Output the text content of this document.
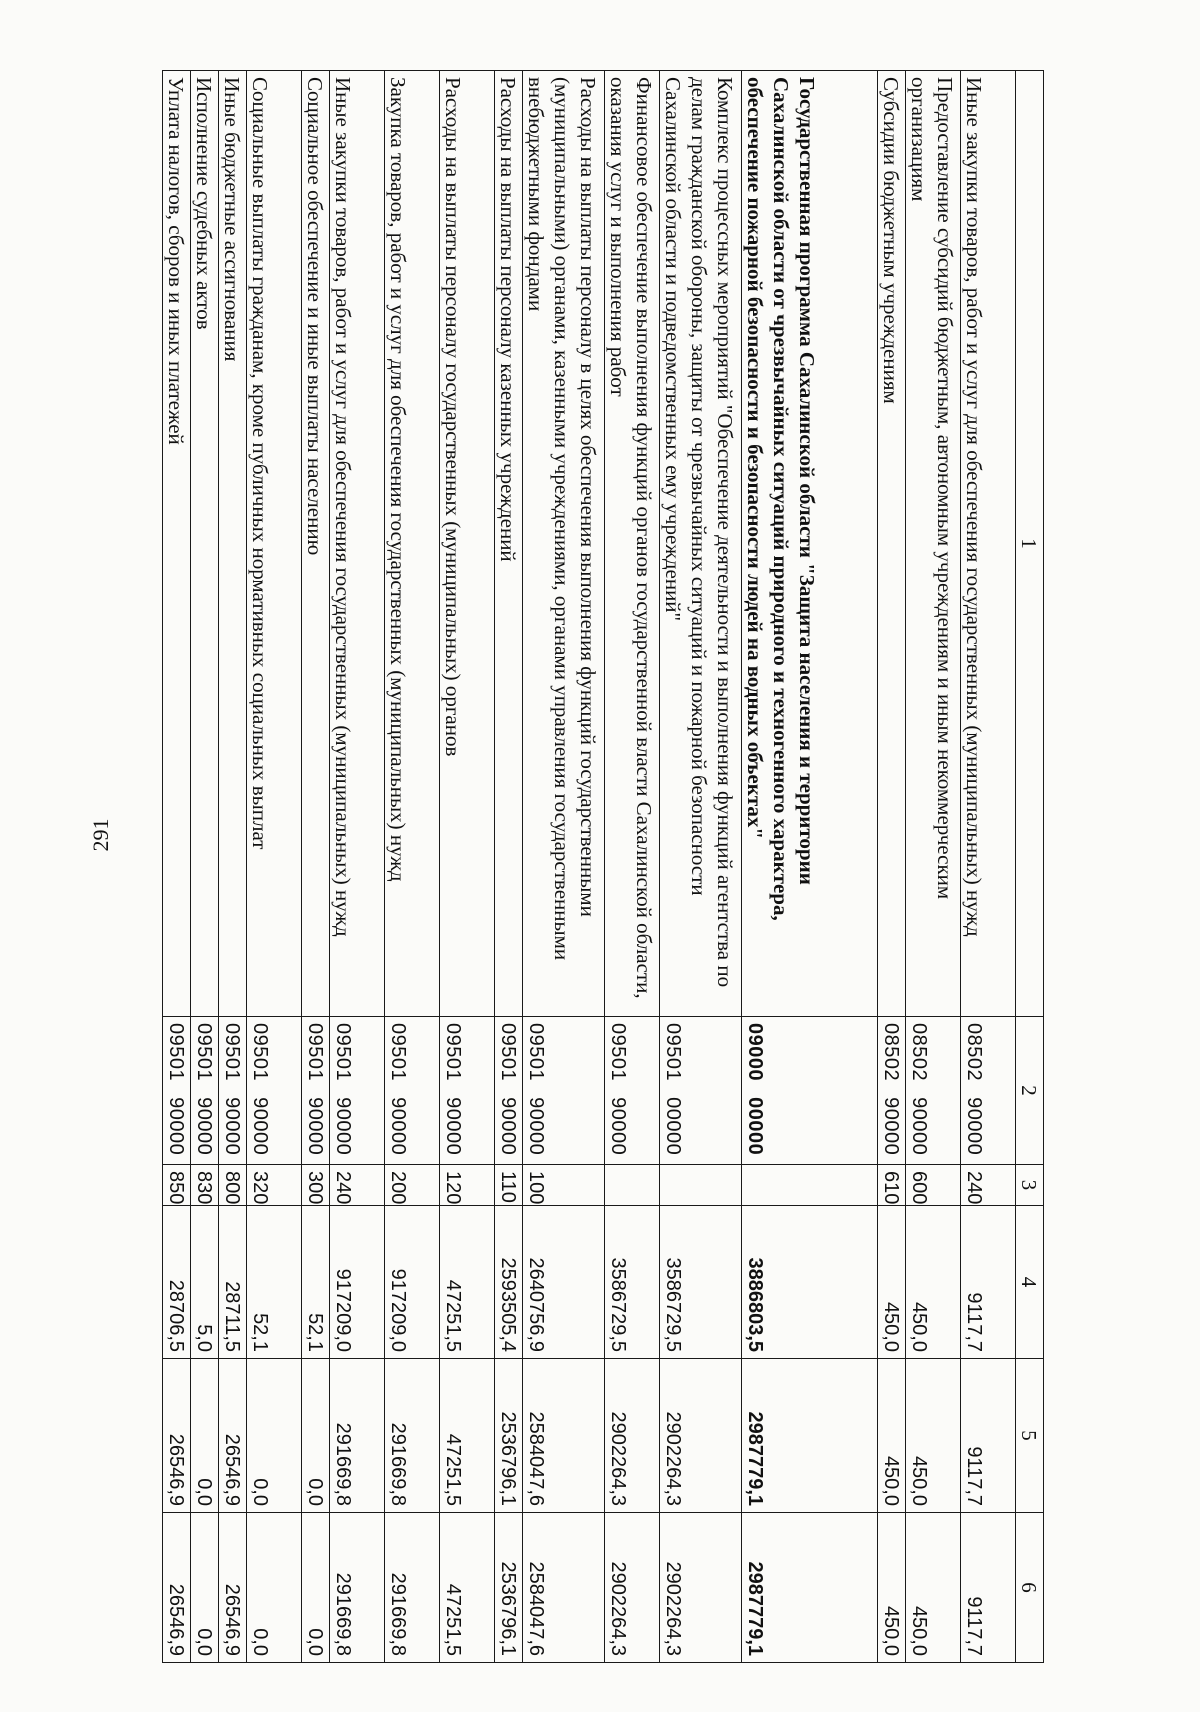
291
1	2	3	4	5	6
Иные закупки товаров, работ и услуг для обеспечения государственных (муниципальных) нужд	08502 90000	240	9117,7	9117,7	9117,7
Предоставление субсидий бюджетным, автономным учреждениям и иным некоммерческим организациям	08502 90000	600	450,0	450,0	450,0
Субсидии бюджетным учреждениям	08502 90000	610	450,0	450,0	450,0
Государственная программа Сахалинской области "Защита населения и территории Сахалинской области от чрезвычайных ситуаций природного и техногенного характера, обеспечение пожарной безопасности и безопасности людей на водных объектах"	09000 00000		3886803,5	2987779,1	2987779,1
Комплекс процессных мероприятий "Обеспечение деятельности и выполнения функций агентства по делам гражданской обороны, защиты от чрезвычайных ситуаций и пожарной безопасности Сахалинской области и подведомственных ему учреждений"	09501 00000		3586729,5	2902264,3	2902264,3
Финансовое обеспечение выполнения функций органов государственной власти Сахалинской области, оказания услуг и выполнения работ	09501 90000		3586729,5	2902264,3	2902264,3
Расходы на выплаты персоналу в целях обеспечения выполнения функций государственными (муниципальными) органами, казенными учреждениями, органами управления государственными внебюджетными фондами	09501 90000	100	2640756,9	2584047,6	2584047,6
Расходы на выплаты персоналу казенных учреждений	09501 90000	110	2593505,4	2536796,1	2536796,1
Расходы на выплаты персоналу государственных (муниципальных) органов	09501 90000	120	47251,5	47251,5	47251,5
Закупка товаров, работ и услуг для обеспечения государственных (муниципальных) нужд	09501 90000	200	917209,0	291669,8	291669,8
Иные закупки товаров, работ и услуг для обеспечения государственных (муниципальных) нужд	09501 90000	240	917209,0	291669,8	291669,8
Социальное обеспечение и иные выплаты населению	09501 90000	300	52,1	0,0	0,0
Социальные выплаты гражданам, кроме публичных нормативных социальных выплат	09501 90000	320	52,1	0,0	0,0
Иные бюджетные ассигнования	09501 90000	800	28711,5	26546,9	26546,9
Исполнение судебных актов	09501 90000	830	5,0	0,0	0,0
Уплата налогов, сборов и иных платежей	09501 90000	850	28706,5	26546,9	26546,9
